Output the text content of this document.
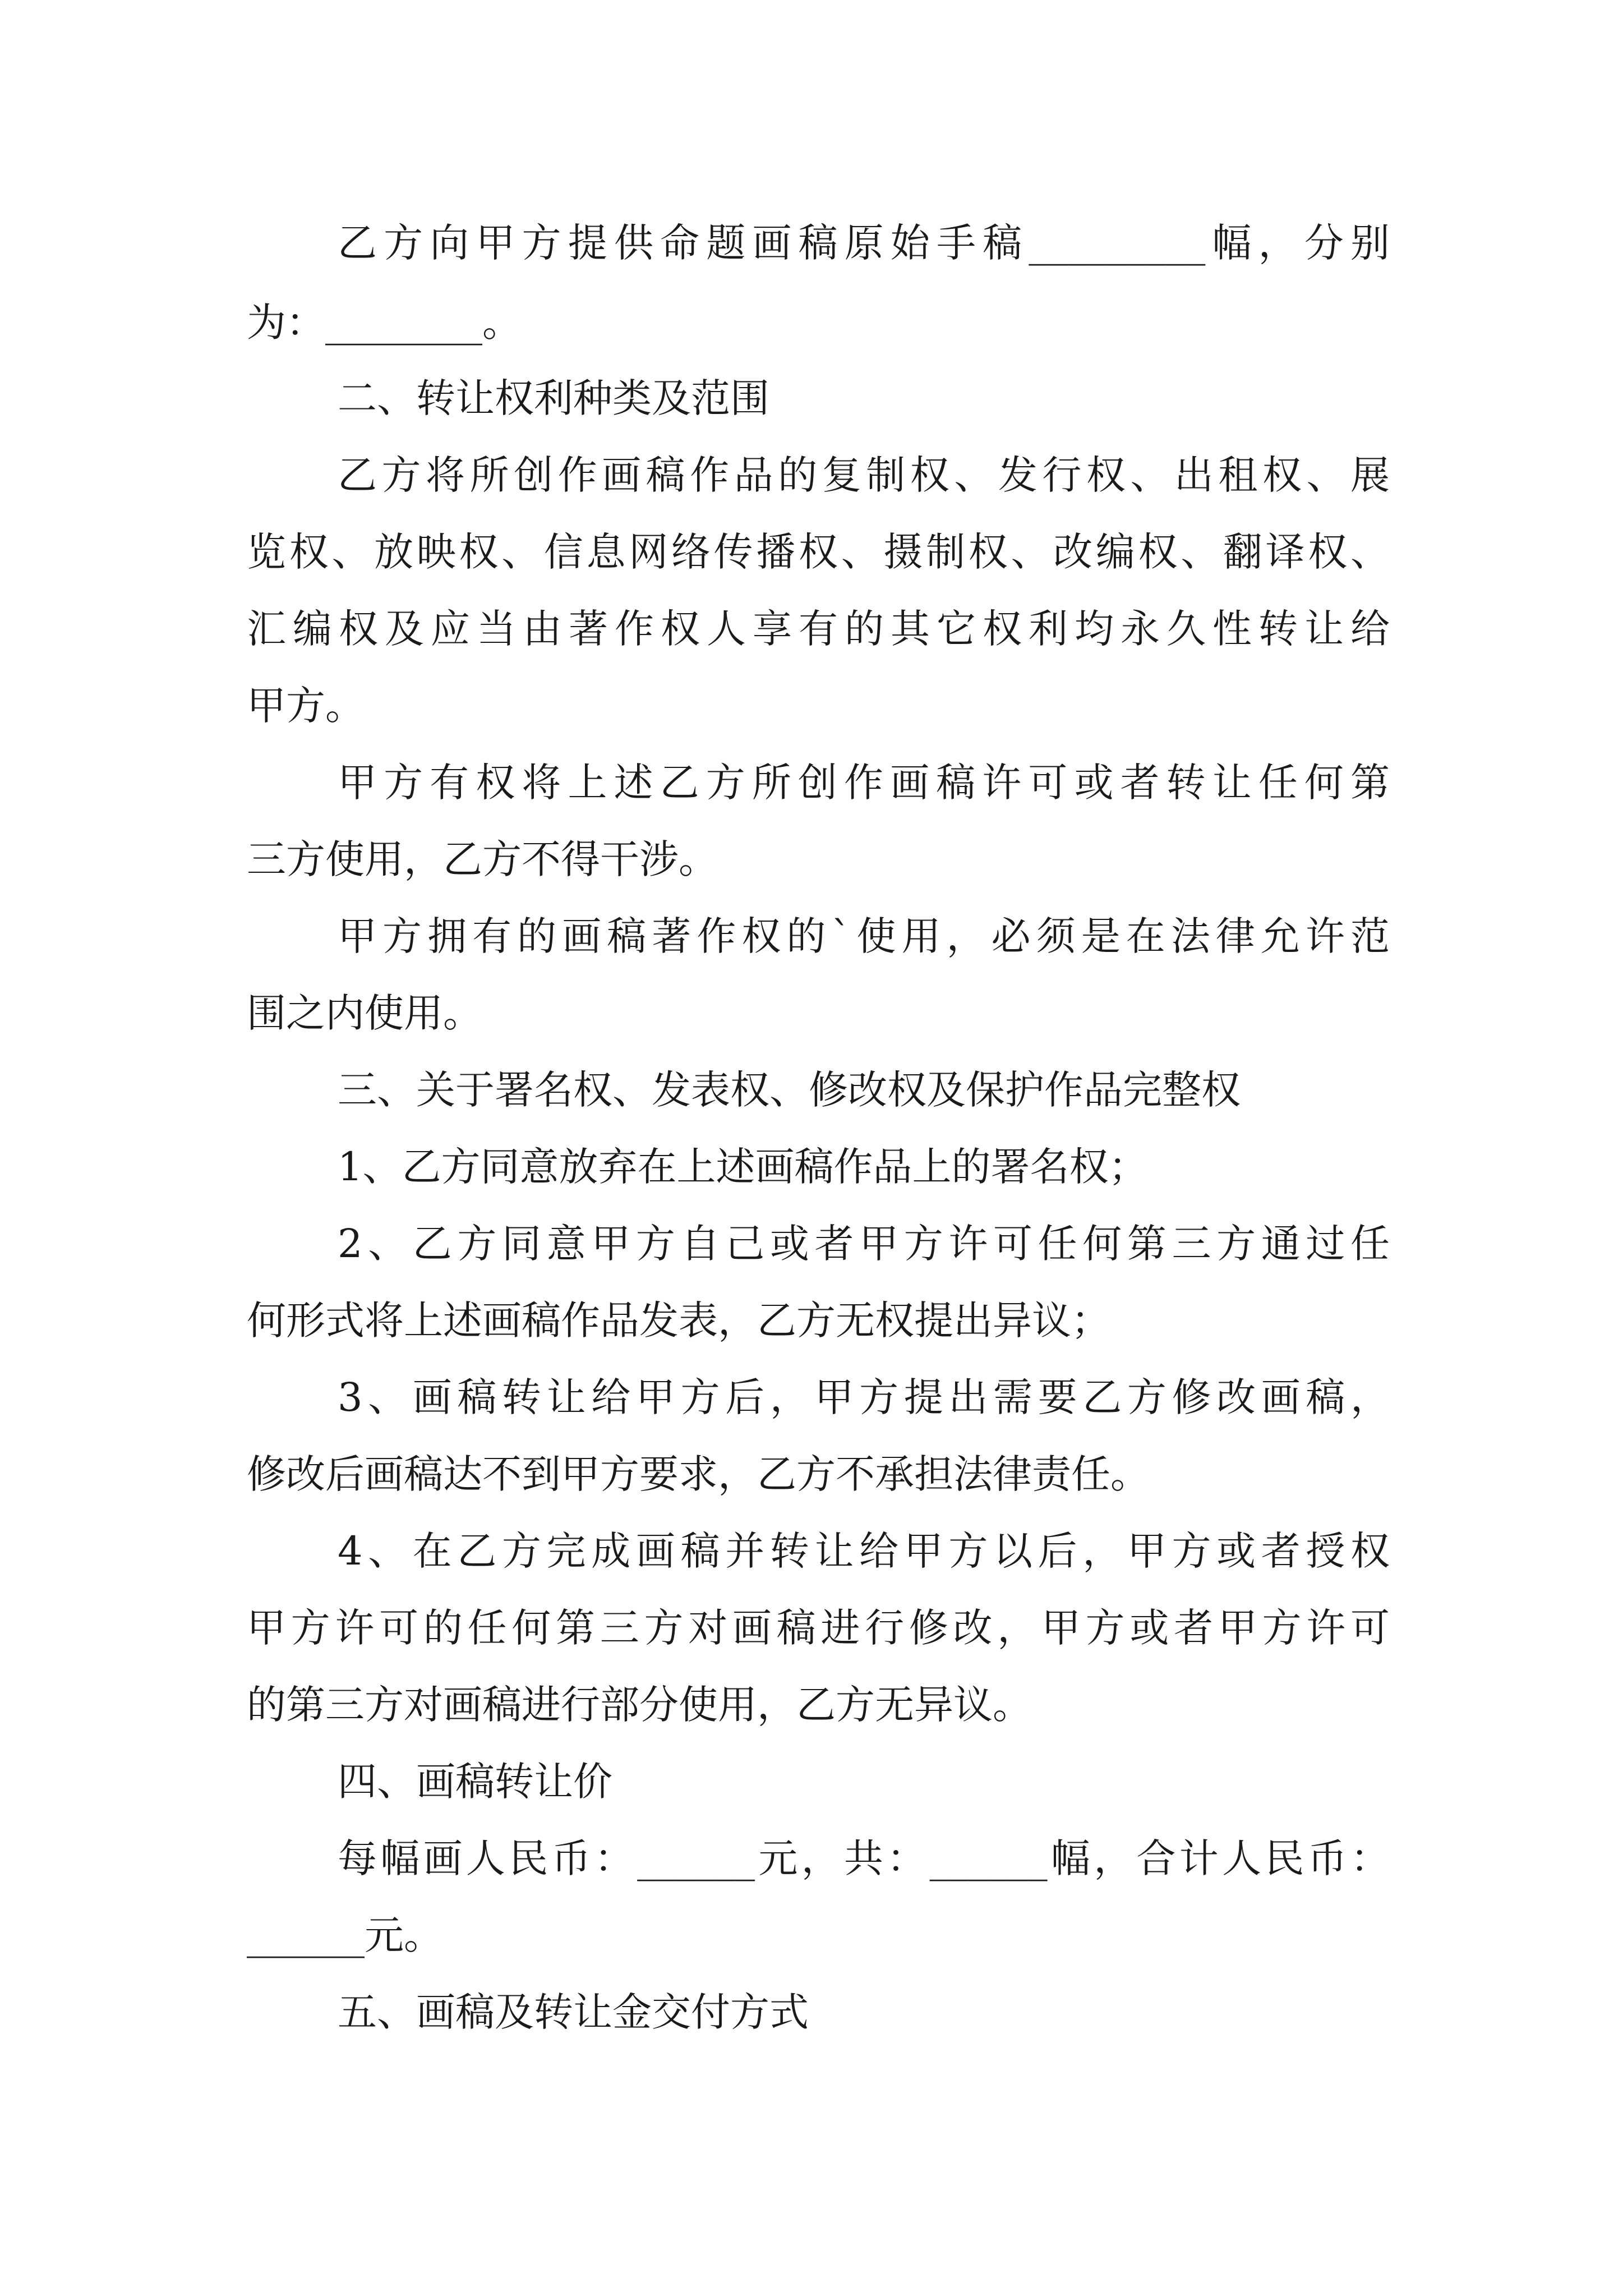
乙方向甲方提供命题画稿原始手稿_________幅，分别

为：________。

二、转让权利种类及范围

乙方将所创作画稿作品的复制权、发行权、出租权、展

览权、放映权、信息网络传播权、摄制权、改编权、翻译权、

汇编权及应当由著作权人享有的其它权利均永久性转让给

甲方。

甲方有权将上述乙方所创作画稿许可或者转让任何第

三方使用，乙方不得干涉。

甲方拥有的画稿著作权的`使用，必须是在法律允许范

围之内使用。

三、关于署名权、发表权、修改权及保护作品完整权

1、乙方同意放弃在上述画稿作品上的署名权；

2、乙方同意甲方自己或者甲方许可任何第三方通过任

何形式将上述画稿作品发表，乙方无权提出异议；

3、画稿转让给甲方后，甲方提出需要乙方修改画稿，

修改后画稿达不到甲方要求，乙方不承担法律责任。

4、在乙方完成画稿并转让给甲方以后，甲方或者授权

甲方许可的任何第三方对画稿进行修改，甲方或者甲方许可

的第三方对画稿进行部分使用，乙方无异议。

四、画稿转让价

每幅画人民币：______元，共：______幅，合计人民币：

______元。

五、画稿及转让金交付方式
